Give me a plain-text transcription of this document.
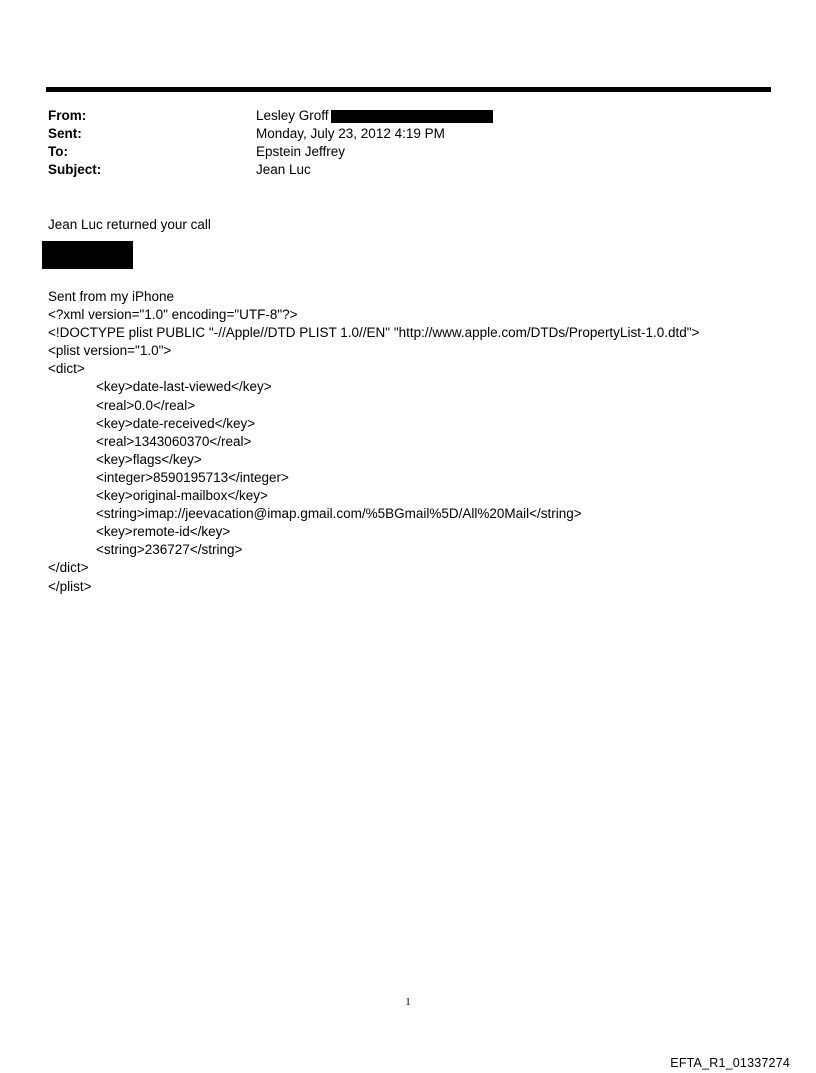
From:	Lesley Groff
Sent:	Monday, July 23, 2012 4:19 PM
To:	Epstein Jeffrey
Subject:	Jean Luc
Jean Luc returned your call
Sent from my iPhone
<?xml version="1.0" encoding="UTF-8"?>
<!DOCTYPE plist PUBLIC "-//Apple//DTD PLIST 1.0//EN" "http://www.apple.com/DTDs/PropertyList-1.0.dtd">
<plist version="1.0">
<dict>
<key>date-last-viewed</key>
<real>0.0</real>
<key>date-received</key>
<real>1343060370</real>
<key>flags</key>
<integer>8590195713</integer>
<key>original-mailbox</key>
<string>imap://jeevacation@imap.gmail.com/%5BGmail%5D/All%20Mail</string>
<key>remote-id</key>
<string>236727</string>
</dict>
</plist>
1
EFTA_R1_01337274
